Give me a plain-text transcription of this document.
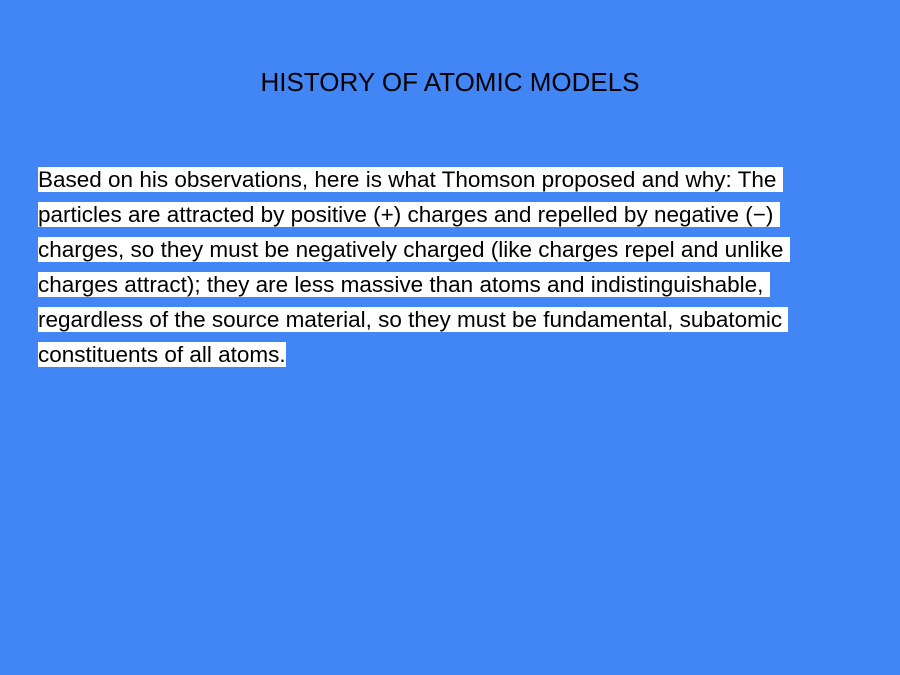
HISTORY OF ATOMIC MODELS
Based on his observations, here is what Thomson proposed and why: The
particles are attracted by positive (+) charges and repelled by negative (−)
charges, so they must be negatively charged (like charges repel and unlike
charges attract); they are less massive than atoms and indistinguishable,
regardless of the source material, so they must be fundamental, subatomic
constituents of all atoms.
